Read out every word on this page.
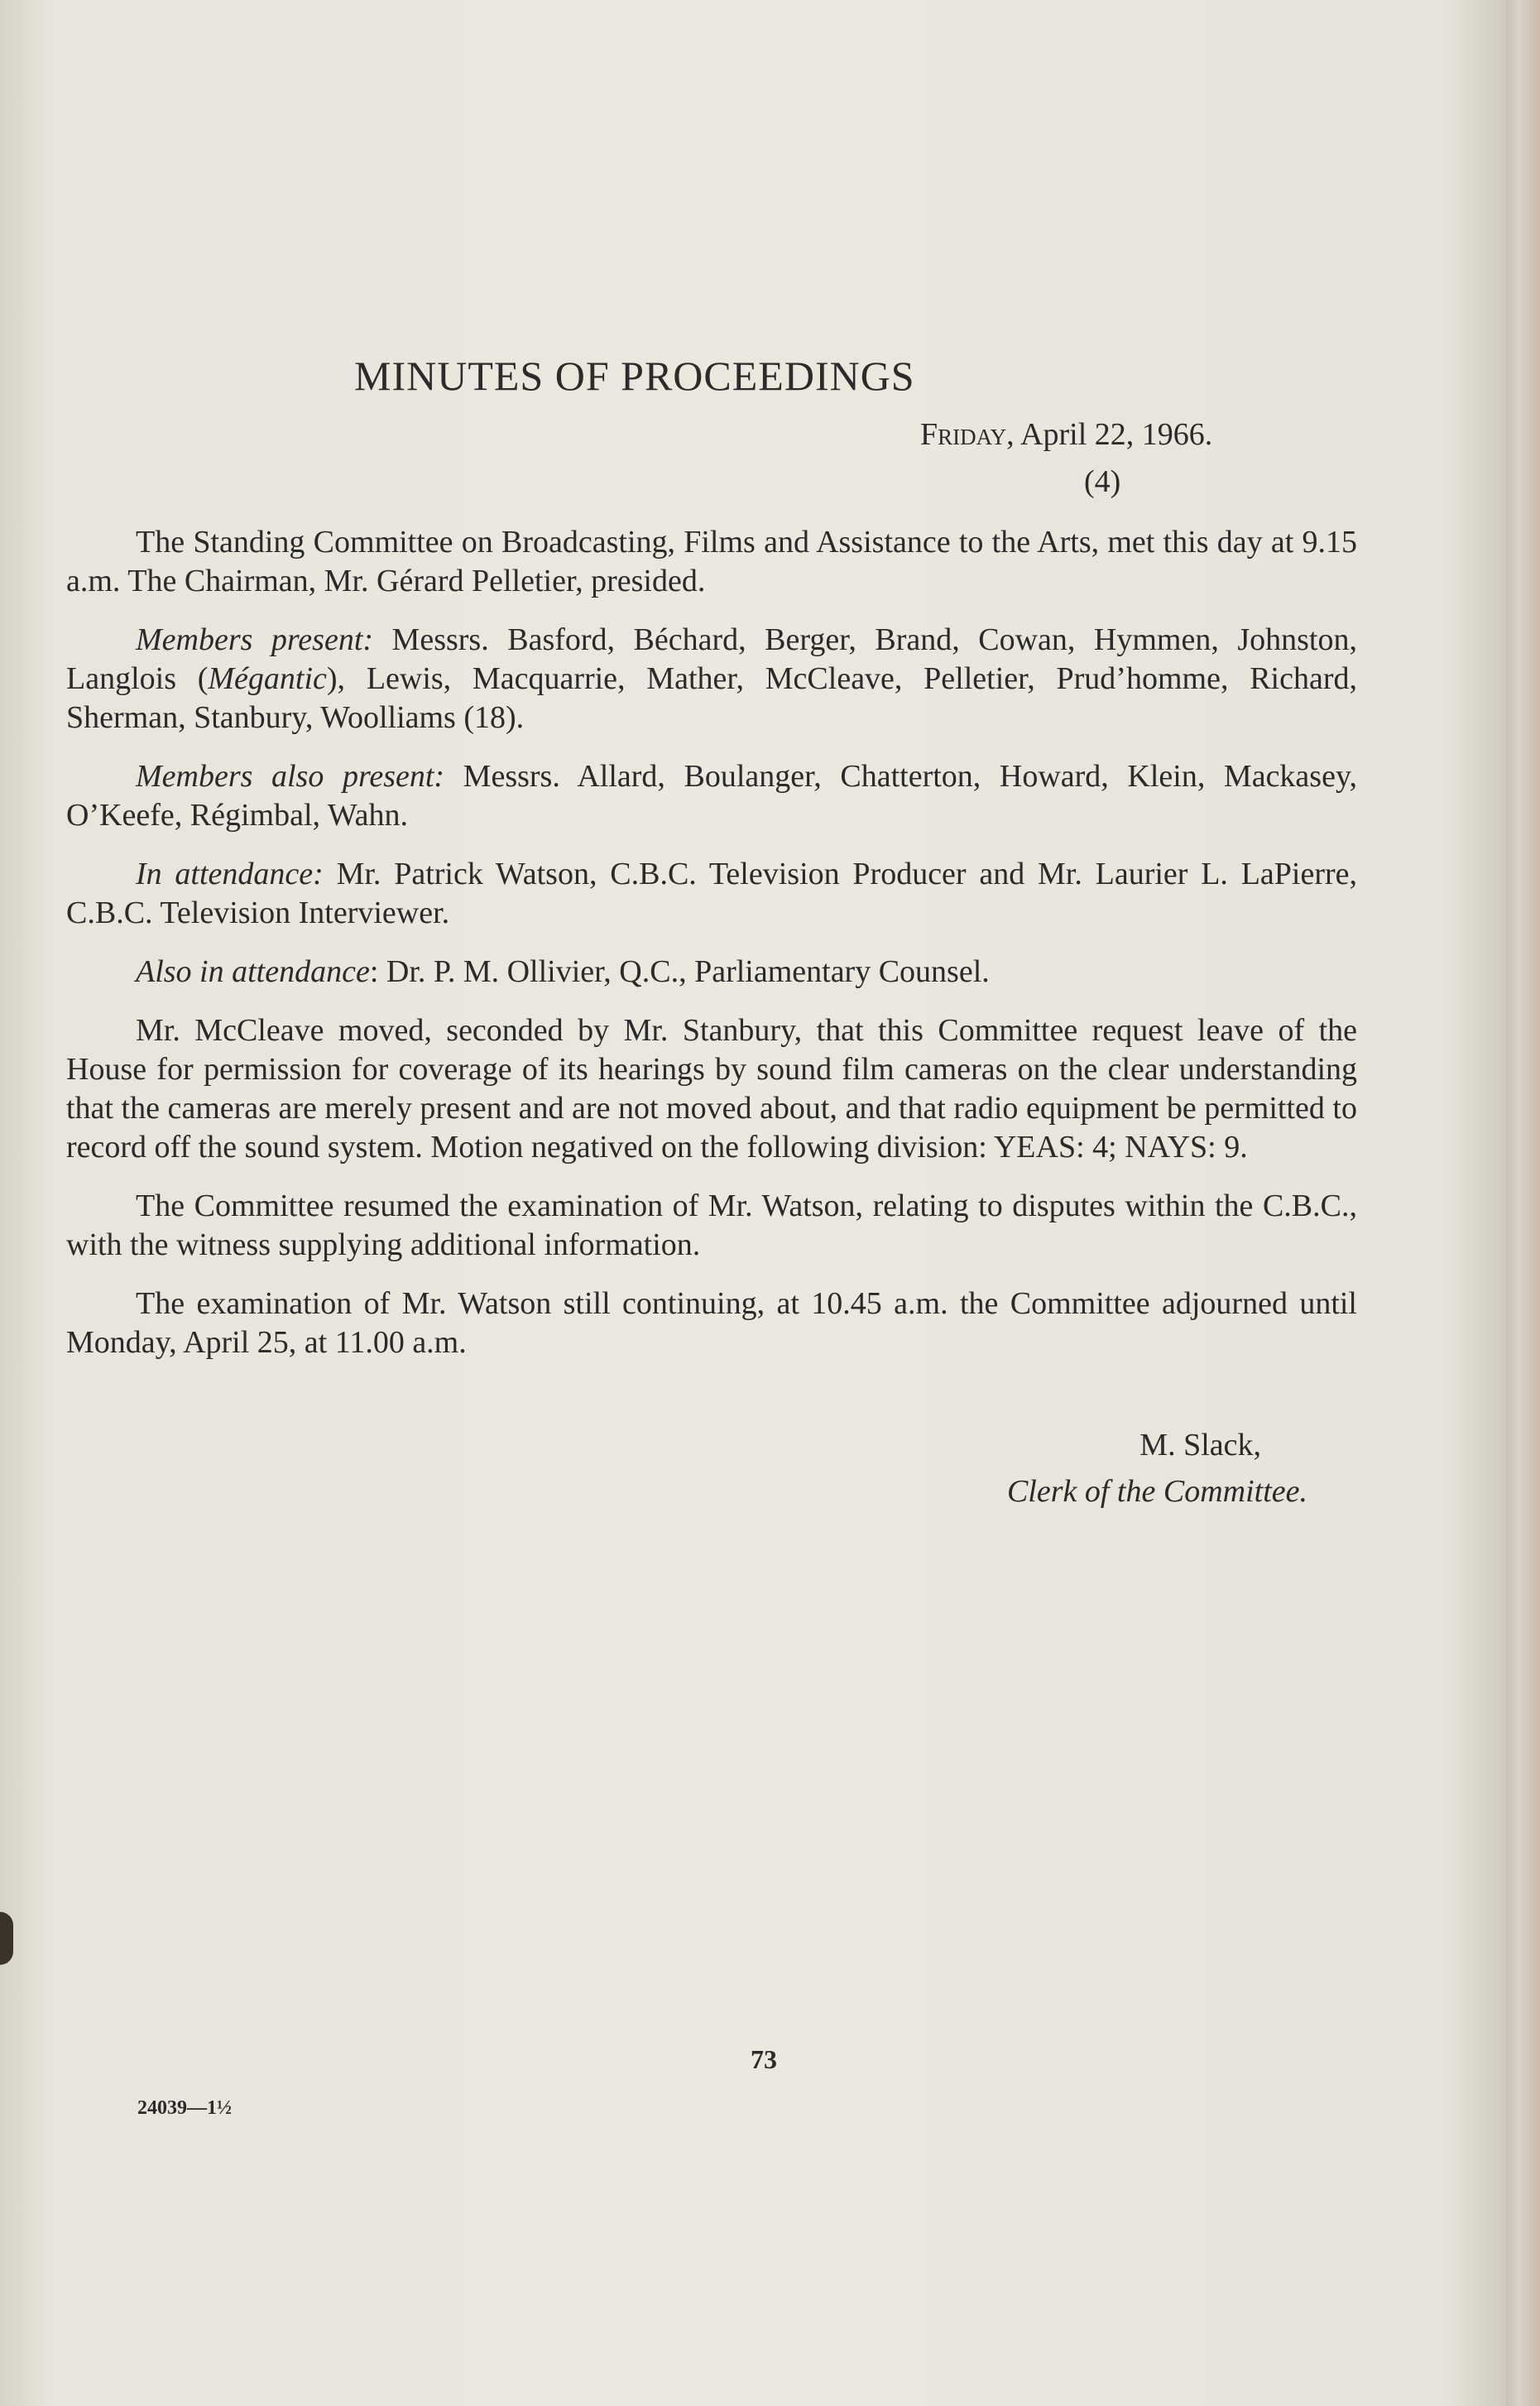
MINUTES OF PROCEEDINGS
Friday, April 22, 1966.
(4)

The Standing Committee on Broadcasting, Films and Assistance to the Arts, met this day at 9.15 a.m. The Chairman, Mr. Gérard Pelletier, presided.

Members present: Messrs. Basford, Béchard, Berger, Brand, Cowan, Hymmen, Johnston, Langlois (Mégantic), Lewis, Macquarrie, Mather, McCleave, Pelletier, Prud’homme, Richard, Sherman, Stanbury, Woolliams (18).

Members also present: Messrs. Allard, Boulanger, Chatterton, Howard, Klein, Mackasey, O’Keefe, Régimbal, Wahn.

In attendance: Mr. Patrick Watson, C.B.C. Television Producer and Mr. Laurier L. LaPierre, C.B.C. Television Interviewer.

Also in attendance: Dr. P. M. Ollivier, Q.C., Parliamentary Counsel.

Mr. McCleave moved, seconded by Mr. Stanbury, that this Committee request leave of the House for permission for coverage of its hearings by sound film cameras on the clear understanding that the cameras are merely present and are not moved about, and that radio equipment be permitted to record off the sound system. Motion negatived on the following division: YEAS: 4; NAYS: 9.

The Committee resumed the examination of Mr. Watson, relating to disputes within the C.B.C., with the witness supplying additional information.

The examination of Mr. Watson still continuing, at 10.45 a.m. the Committee adjourned until Monday, April 25, at 11.00 a.m.

M. Slack,
Clerk of the Committee.
73
24039—1½
